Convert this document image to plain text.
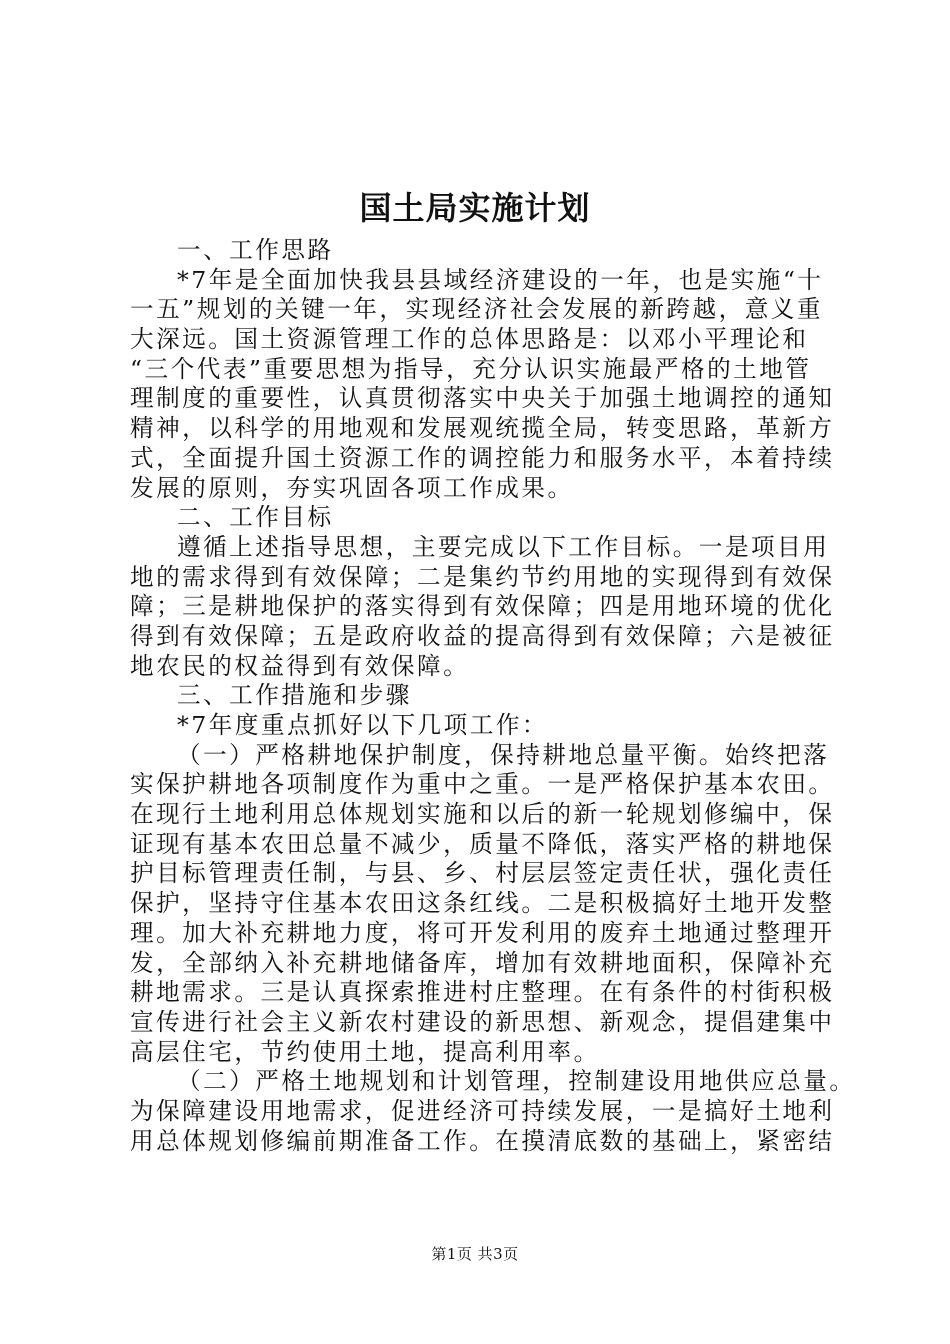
国土局实施计划
一、工作思路
*7年是全面加快我县县域经济建设的一年，也是实施“十
一五”规划的关键一年，实现经济社会发展的新跨越，意义重
大深远。国土资源管理工作的总体思路是：以邓小平理论和
“三个代表”重要思想为指导，充分认识实施最严格的土地管
理制度的重要性，认真贯彻落实中央关于加强土地调控的通知
精神，以科学的用地观和发展观统揽全局，转变思路，革新方
式，全面提升国土资源工作的调控能力和服务水平，本着持续
发展的原则，夯实巩固各项工作成果。
二、工作目标
遵循上述指导思想，主要完成以下工作目标。一是项目用
地的需求得到有效保障；二是集约节约用地的实现得到有效保
障；三是耕地保护的落实得到有效保障；四是用地环境的优化
得到有效保障；五是政府收益的提高得到有效保障；六是被征
地农民的权益得到有效保障。
三、工作措施和步骤
*7年度重点抓好以下几项工作：
（一）严格耕地保护制度，保持耕地总量平衡。始终把落
实保护耕地各项制度作为重中之重。一是严格保护基本农田。
在现行土地利用总体规划实施和以后的新一轮规划修编中，保
证现有基本农田总量不减少，质量不降低，落实严格的耕地保
护目标管理责任制，与县、乡、村层层签定责任状，强化责任
保护，坚持守住基本农田这条红线。二是积极搞好土地开发整
理。加大补充耕地力度，将可开发利用的废弃土地通过整理开
发，全部纳入补充耕地储备库，增加有效耕地面积，保障补充
耕地需求。三是认真探索推进村庄整理。在有条件的村街积极
宣传进行社会主义新农村建设的新思想、新观念，提倡建集中
高层住宅，节约使用土地，提高利用率。
（二）严格土地规划和计划管理，控制建设用地供应总量。
为保障建设用地需求，促进经济可持续发展，一是搞好土地利
用总体规划修编前期准备工作。在摸清底数的基础上，紧密结
第1页 共3页
